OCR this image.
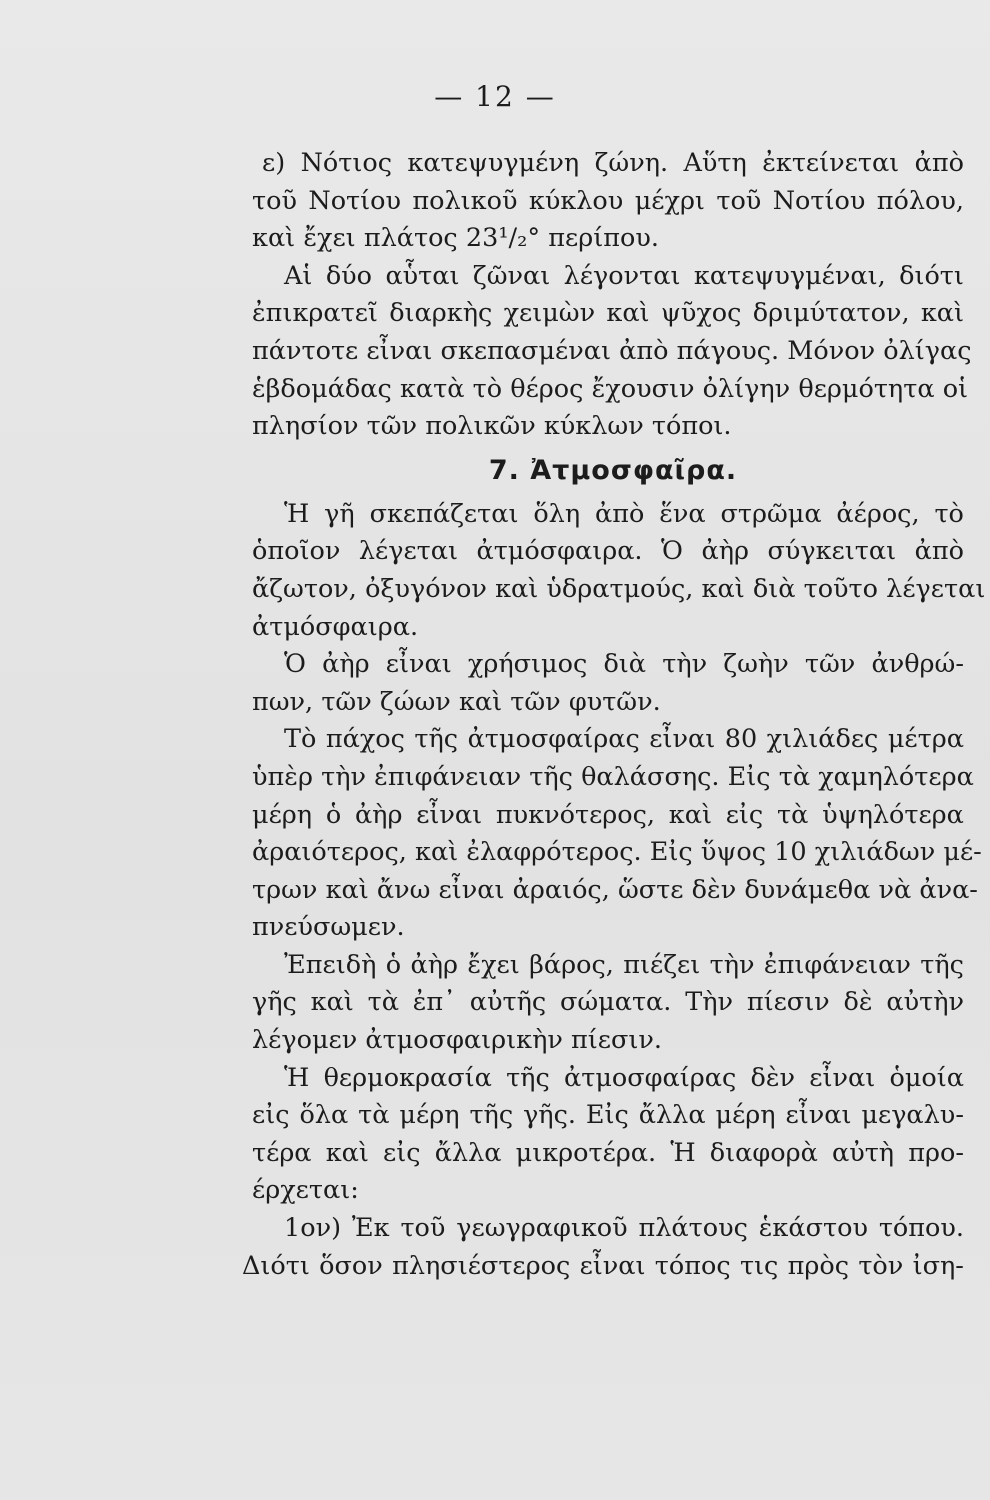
— 12 —
ε) Νότιος κατεψυγμένη ζώνη. Αὕτη ἐκτείνεται ἀπὸ
τοῦ Νοτίου πολικοῦ κύκλου μέχρι τοῦ Νοτίου πόλου,
καὶ ἔχει πλάτος 23¹/₂° περίπου.
Αἱ δύο αὗται ζῶναι λέγονται κατεψυγμέναι, διότι
ἐπικρατεῖ διαρκὴς χειμὼν καὶ ψῦχος δριμύτατον, καὶ
πάντοτε εἶναι σκεπασμέναι ἀπὸ πάγους. Μόνον ὀλίγας
ἑβδομάδας κατὰ τὸ θέρος ἔχουσιν ὀλίγην θερμότητα οἱ
πλησίον τῶν πολικῶν κύκλων τόποι.
7. Ἀτμοσφαῖρα.
Ἡ γῆ σκεπάζεται ὅλη ἀπὸ ἕνα στρῶμα ἀέρος, τὸ
ὁποῖον λέγεται ἀτμόσφαιρα. Ὁ ἀὴρ σύγκειται ἀπὸ
ἄζωτον, ὀξυγόνον καὶ ὑδρατμούς, καὶ διὰ τοῦτο λέγεται
ἀτμόσφαιρα.
Ὁ ἀὴρ εἶναι χρήσιμος διὰ τὴν ζωὴν τῶν ἀνθρώ-
πων, τῶν ζώων καὶ τῶν φυτῶν.
Τὸ πάχος τῆς ἀτμοσφαίρας εἶναι 80 χιλιάδες μέτρα
ὑπὲρ τὴν ἐπιφάνειαν τῆς θαλάσσης. Εἰς τὰ χαμηλότερα
μέρη ὁ ἀὴρ εἶναι πυκνότερος, καὶ εἰς τὰ ὑψηλότερα
ἀραιότερος, καὶ ἐλαφρότερος. Εἰς ὕψος 10 χιλιάδων μέ-
τρων καὶ ἄνω εἶναι ἀραιός, ὥστε δὲν δυνάμεθα νὰ ἀνα-
πνεύσωμεν.
Ἐπειδὴ ὁ ἀὴρ ἔχει βάρος, πιέζει τὴν ἐπιφάνειαν τῆς
γῆς καὶ τὰ ἐπ᾽ αὐτῆς σώματα. Τὴν πίεσιν δὲ αὐτὴν
λέγομεν ἀτμοσφαιρικὴν πίεσιν.
Ἡ θερμοκρασία τῆς ἀτμοσφαίρας δὲν εἶναι ὁμοία
εἰς ὅλα τὰ μέρη τῆς γῆς. Εἰς ἄλλα μέρη εἶναι μεγαλυ-
τέρα καὶ εἰς ἄλλα μικροτέρα. Ἡ διαφορὰ αὐτὴ προ-
έρχεται:
1ον) Ἐκ τοῦ γεωγραφικοῦ πλάτους ἑκάστου τόπου.
Διότι ὅσον πλησιέστερος εἶναι τόπος τις πρὸς τὸν ἰση-
